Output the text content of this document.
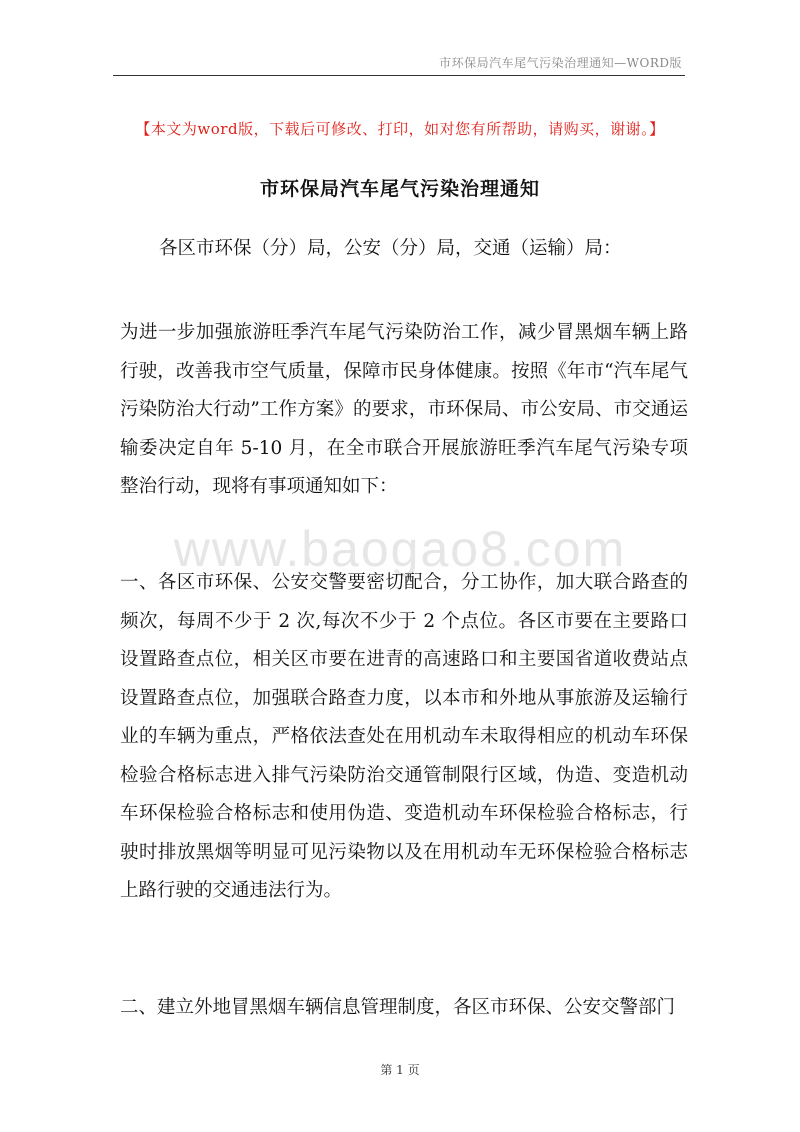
市环保局汽车尾气污染治理通知—WORD版
【本文为word版，下载后可修改、打印，如对您有所帮助，请购买，谢谢。】
市环保局汽车尾气污染治理通知
各区市环保（分）局，公安（分）局，交通（运输）局：
为进一步加强旅游旺季汽车尾气污染防治工作，减少冒黑烟车辆上路行驶，改善我市空气质量，保障市民身体健康。按照《年市“汽车尾气污染防治大行动”工作方案》的要求，市环保局、市公安局、市交通运输委决定自年 5-10 月，在全市联合开展旅游旺季汽车尾气污染专项整治行动，现将有事项通知如下：
www.baogao8.com
一、各区市环保、公安交警要密切配合，分工协作，加大联合路查的频次，每周不少于 2 次,每次不少于 2 个点位。各区市要在主要路口设置路查点位，相关区市要在进青的高速路口和主要国省道收费站点设置路查点位，加强联合路查力度，以本市和外地从事旅游及运输行业的车辆为重点，严格依法查处在用机动车未取得相应的机动车环保检验合格标志进入排气污染防治交通管制限行区域，伪造、变造机动车环保检验合格标志和使用伪造、变造机动车环保检验合格标志，行驶时排放黑烟等明显可见污染物以及在用机动车无环保检验合格标志上路行驶的交通违法行为。
二、建立外地冒黑烟车辆信息管理制度，各区市环保、公安交警部门
第 1 页
